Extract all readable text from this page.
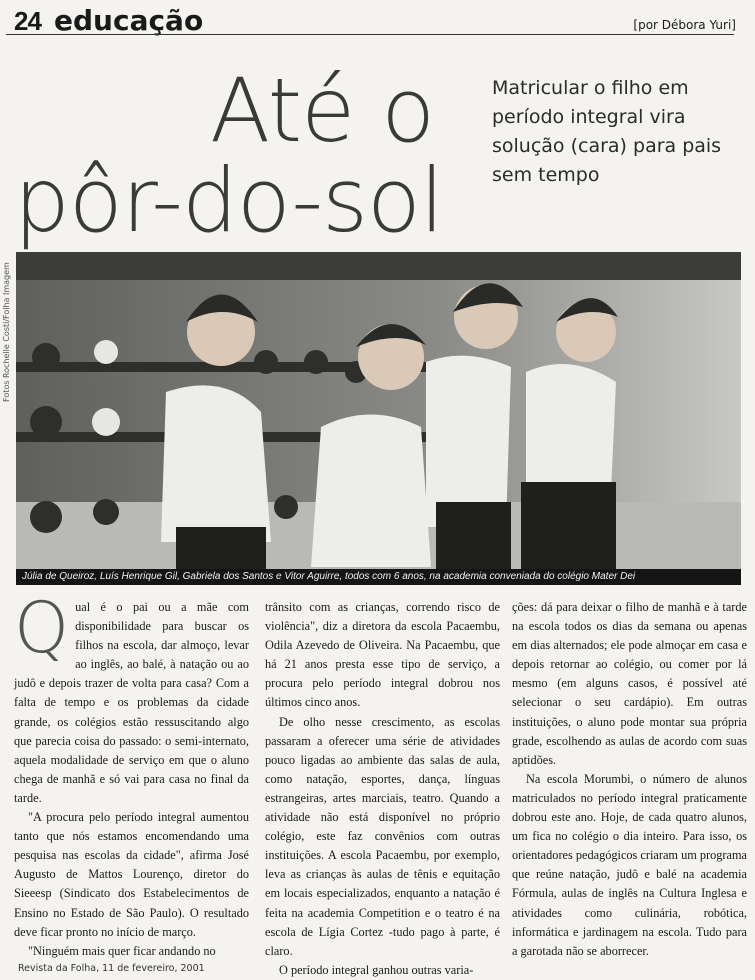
24 educação	[por Débora Yuri]
Até o
pôr-do-sol
Matricular o filho em período integral vira solução (cara) para pais sem tempo
Fotos Rochelle Costi/Folha Imagem
Júlia de Queiroz, Luís Henrique Gil, Gabriela dos Santos e Vitor Aguirre, todos com 6 anos, na academia conveniada do colégio Mater Dei

Qual é o pai ou a mãe com disponibilidade para buscar os filhos na escola, dar almoço, levar ao inglês, ao balé, à natação ou ao judô e depois trazer de volta para casa? Com a falta de tempo e os problemas da cidade grande, os colégios estão ressuscitando algo que parecia coisa do passado: o semi-internato, aquela modalidade de serviço em que o aluno chega de manhã e só vai para casa no final da tarde.

"A procura pelo período integral aumentou tanto que nós estamos encomendando uma pesquisa nas escolas da cidade", afirma José Augusto de Mattos Lourenço, diretor do Sieeesp (Sindicato dos Estabelecimentos de Ensino no Estado de São Paulo). O resultado deve ficar pronto no início de março.

"Ninguém mais quer ficar andando no

trânsito com as crianças, correndo risco de violência", diz a diretora da escola Pacaembu, Odila Azevedo de Oliveira. Na Pacaembu, que há 21 anos presta esse tipo de serviço, a procura pelo período integral dobrou nos últimos cinco anos.

De olho nesse crescimento, as escolas passaram a oferecer uma série de atividades pouco ligadas ao ambiente das salas de aula, como natação, esportes, dança, línguas estrangeiras, artes marciais, teatro. Quando a atividade não está disponível no próprio colégio, este faz convênios com outras instituições. A escola Pacaembu, por exemplo, leva as crianças às aulas de tênis e equitação em locais especializados, enquanto a natação é feita na academia Competition e o teatro é na escola de Lígia Cortez -tudo pago à parte, é claro.

O período integral ganhou outras varia-

ções: dá para deixar o filho de manhã e à tarde na escola todos os dias da semana ou apenas em dias alternados; ele pode almoçar em casa e depois retornar ao colégio, ou comer por lá mesmo (em alguns casos, é possível até selecionar o seu cardápio). Em outras instituições, o aluno pode montar sua própria grade, escolhendo as aulas de acordo com suas aptidões.

Na escola Morumbi, o número de alunos matriculados no período integral praticamente dobrou este ano. Hoje, de cada quatro alunos, um fica no colégio o dia inteiro. Para isso, os orientadores pedagógicos criaram um programa que reúne natação, judô e balé na academia Fórmula, aulas de inglês na Cultura Inglesa e atividades como culinária, robótica, informática e jardinagem na escola. Tudo para a garotada não se aborrecer.

Revista da Folha, 11 de fevereiro, 2001
